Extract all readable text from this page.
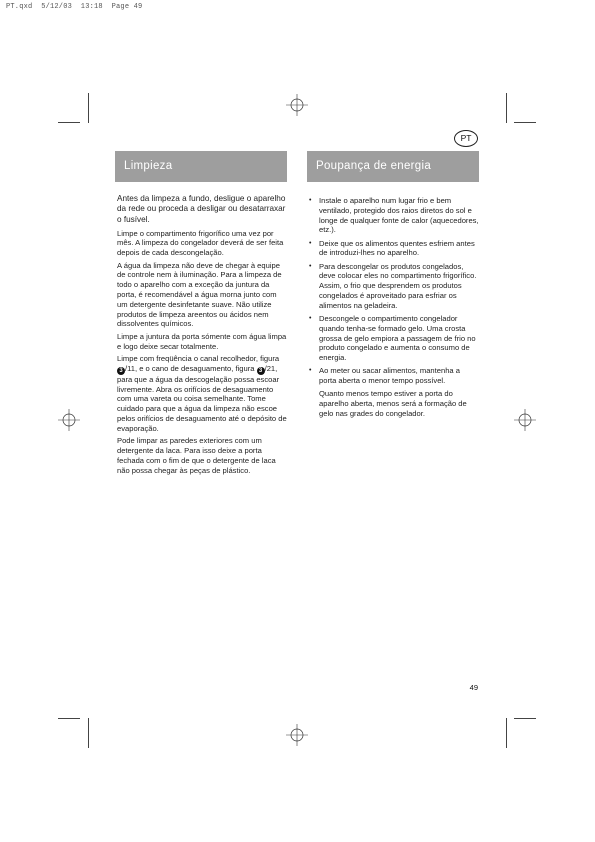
PT.qxd  5/12/03  13:18  Page 49
PT
Limpieza

Antes da limpeza a fundo, desligue o aparelho da rede ou proceda a desligar ou desatarraxar o fusível.

Limpe o compartimento frigorífico uma vez por mês. A limpeza do congelador deverá de ser feita depois de cada descongelação.

A água da limpeza não deve de chegar à equipe de controle nem à iluminação. Para a limpeza de todo o aparelho com a exceção da juntura da porta, é recomendável a água morna junto com um detergente desinfetante suave. Não utilize produtos de limpeza areentos ou ácidos nem dissolventes químicos.

Limpe a juntura da porta sómente com água limpa e logo deixe secar totalmente.

Limpe com freqüência o canal recolhedor, figura 3 /11, e o cano de desaguamento, figura 3 /21, para que a água da descogelação possa escoar livremente. Abra os orifícios de desaguamento com uma vareta ou coisa semelhante. Tome cuidado para que a água da limpeza não escoe pelos orifícios de desaguamento até o depósito de evaporação.

Pode limpar as paredes exteriores com um detergente da laca. Para isso deixe a porta fechada com o fim de que o detergente de laca não possa chegar às peças de plástico.

Poupança de energia
• Instale o aparelho num lugar frio e bem ventilado, protegido dos raios diretos do sol e longe de qualquer fonte de calor (aquecedores, etz.).
• Deixe que os alimentos quentes esfriem antes de introduzi-lhes no aparelho.
• Para descongelar os produtos congelados, deve colocar eles no compartimento frigorífico. Assim, o frio que desprendem os produtos congelados é aproveitado para esfriar os alimentos na geladeira.
• Descongele o compartimento congelador quando tenha-se formado gelo. Uma crosta grossa de gelo empiora a passagem de frio no produto congelado e aumenta o consumo de energia.
• Ao meter ou sacar alimentos, mantenha a porta aberta o menor tempo possível.

Quanto menos tempo estiver a porta do aparelho aberta, menos será a formação de gelo nas grades do congelador.

49
